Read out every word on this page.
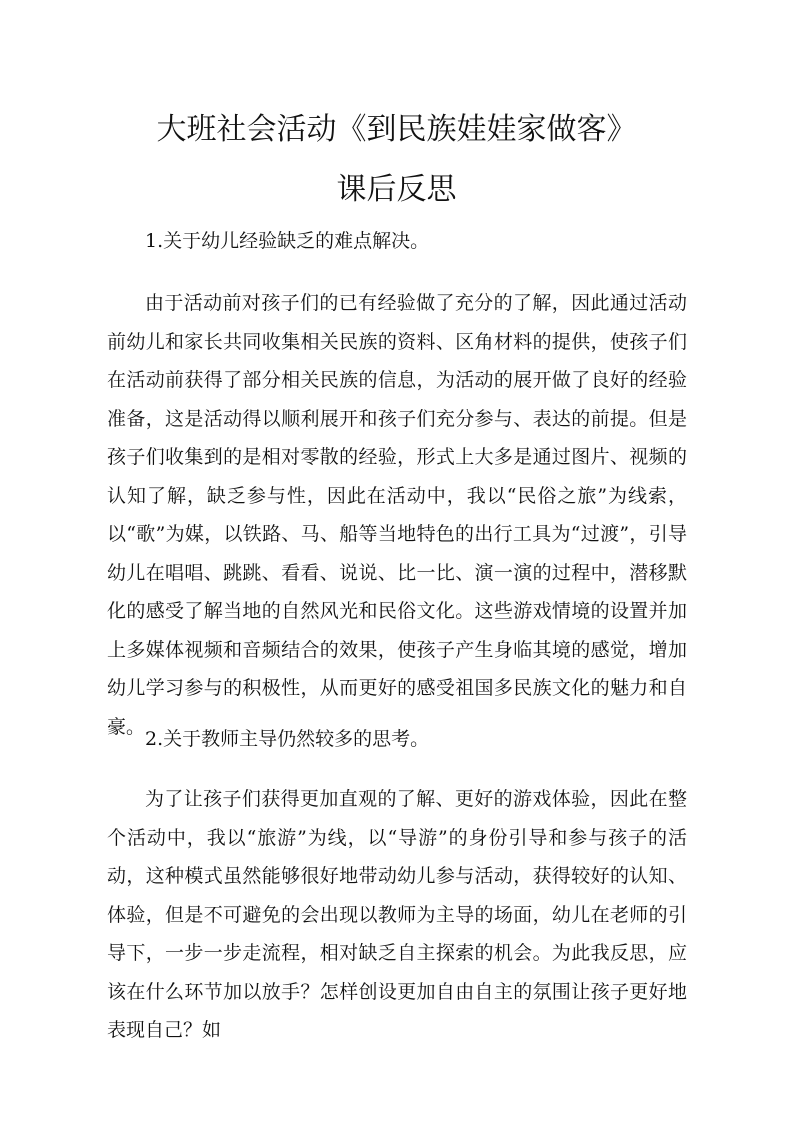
大班社会活动《到民族娃娃家做客》
课后反思

1.关于幼儿经验缺乏的难点解决。

由于活动前对孩子们的已有经验做了充分的了解，因此通过活动前幼儿和家长共同收集相关民族的资料、区角材料的提供，使孩子们在活动前获得了部分相关民族的信息，为活动的展开做了良好的经验准备，这是活动得以顺利展开和孩子们充分参与、表达的前提。但是孩子们收集到的是相对零散的经验，形式上大多是通过图片、视频的认知了解，缺乏参与性，因此在活动中，我以“民俗之旅”为线索，以“歌”为媒，以铁路、马、船等当地特色的出行工具为“过渡”，引导幼儿在唱唱、跳跳、看看、说说、比一比、演一演的过程中，潜移默化的感受了解当地的自然风光和民俗文化。这些游戏情境的设置并加上多媒体视频和音频结合的效果，使孩子产生身临其境的感觉，增加幼儿学习参与的积极性，从而更好的感受祖国多民族文化的魅力和自豪。

2.关于教师主导仍然较多的思考。

为了让孩子们获得更加直观的了解、更好的游戏体验，因此在整个活动中，我以“旅游”为线，以“导游”的身份引导和参与孩子的活动，这种模式虽然能够很好地带动幼儿参与活动，获得较好的认知、体验，但是不可避免的会出现以教师为主导的场面，幼儿在老师的引导下，一步一步走流程，相对缺乏自主探索的机会。为此我反思，应该在什么环节加以放手？怎样创设更加自由自主的氛围让孩子更好地表现自己？如
